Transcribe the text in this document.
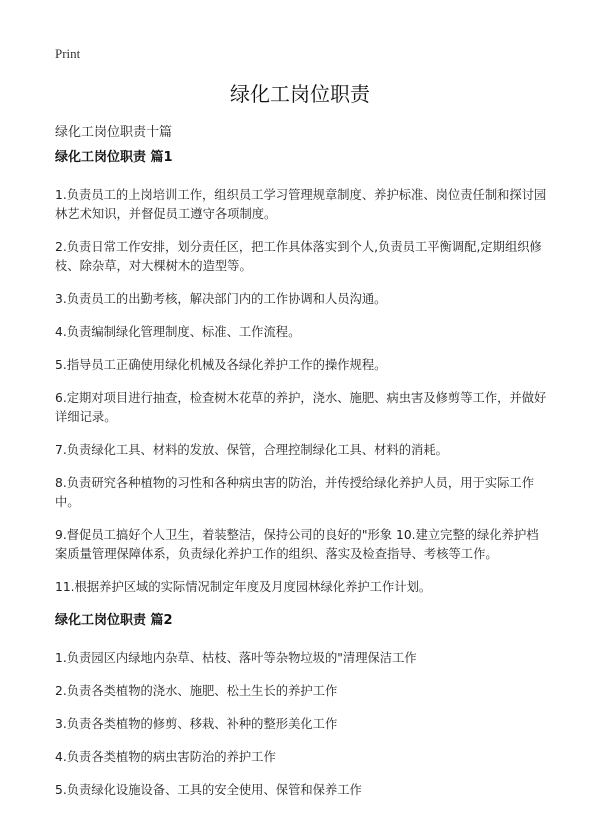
Print
绿化工岗位职责
绿化工岗位职责十篇
绿化工岗位职责 篇1

1.负责员工的上岗培训工作，组织员工学习管理规章制度、养护标准、岗位责任制和探讨园林艺术知识，并督促员工遵守各项制度。

2.负责日常工作安排，划分责任区，把工作具体落实到个人,负责员工平衡调配,定期组织修枝、除杂草，对大棵树木的造型等。

3.负责员工的出勤考核，解决部门内的工作协调和人员沟通。

4.负责编制绿化管理制度、标准、工作流程。

5.指导员工正确使用绿化机械及各绿化养护工作的操作规程。

6.定期对项目进行抽查，检查树木花草的养护，浇水、施肥、病虫害及修剪等工作，并做好详细记录。

7.负责绿化工具、材料的发放、保管，合理控制绿化工具、材料的消耗。

8.负责研究各种植物的习性和各种病虫害的防治，并传授给绿化养护人员，用于实际工作中。

9.督促员工搞好个人卫生，着装整洁，保持公司的良好的"形象 10.建立完整的绿化养护档案质量管理保障体系，负责绿化养护工作的组织、落实及检查指导、考核等工作。

11.根据养护区域的实际情况制定年度及月度园林绿化养护工作计划。

绿化工岗位职责 篇2

1.负责园区内绿地内杂草、枯枝、落叶等杂物垃圾的"清理保洁工作

2.负责各类植物的浇水、施肥、松土生长的养护工作

3.负责各类植物的修剪、移栽、补种的整形美化工作

4.负责各类植物的病虫害防治的养护工作

5.负责绿化设施设备、工具的安全使用、保管和保养工作
